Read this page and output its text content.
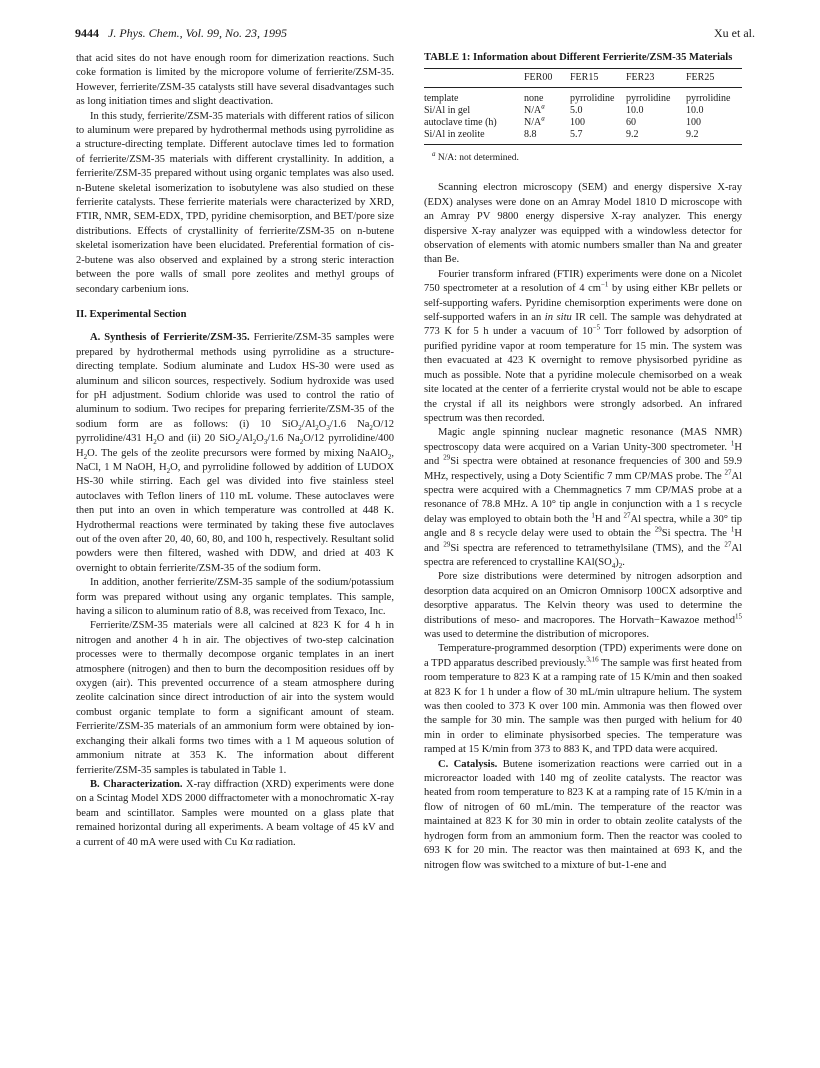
9444 J. Phys. Chem., Vol. 99, No. 23, 1995	Xu et al.

that acid sites do not have enough room for dimerization reactions. Such coke formation is limited by the micropore volume of ferrierite/ZSM-35. However, ferrierite/ZSM-35 catalysts still have several disadvantages such as long initiation times and slight deactivation.

In this study, ferrierite/ZSM-35 materials with different ratios of silicon to aluminum were prepared by hydrothermal methods using pyrrolidine as a structure-directing template. Different autoclave times led to formation of ferrierite/ZSM-35 materials with different crystallinity. In addition, a ferrierite/ZSM-35 prepared without using organic templates was also used. n-Butene skeletal isomerization to isobutylene was also studied on these ferrierite catalysts. These ferrierite materials were characterized by XRD, FTIR, NMR, SEM-EDX, TPD, pyridine chemisorption, and BET/pore size distributions. Effects of crystallinity of ferrierite/ZSM-35 on n-butene skeletal isomerization have been elucidated. Preferential formation of cis-2-butene was also observed and explained by a strong steric interaction between the pore walls of small pore zeolites and methyl groups of secondary carbenium ions.

II. Experimental Section

A. Synthesis of Ferrierite/ZSM-35. Ferrierite/ZSM-35 samples were prepared by hydrothermal methods using pyrrolidine as a structure-directing template. Sodium aluminate and Ludox HS-30 were used as aluminum and silicon sources, respectively. Sodium hydroxide was used for pH adjustment. Sodium chloride was used to control the ratio of aluminum to sodium. Two recipes for preparing ferrierite/ZSM-35 of the sodium form are as follows: (i) 10 $SiO_2/Al_2O_3/1.6$ $Na_2O/12$ pyrrolidine/431 $H_2O$ and (ii) 20 $SiO_2/Al_2O_3/1.6$ $Na_2O/12$ pyrrolidine/400 $H_2O$. The gels of the zeolite precursors were formed by mixing NaAlO$_2$, NaCl, 1 M NaOH, $H_2O$, and pyrrolidine followed by addition of LUDOX HS-30 while stirring. Each gel was divided into five stainless steel autoclaves with Teflon liners of 110 mL volume. These autoclaves were then put into an oven in which temperature was controlled at 448 K. Hydrothermal reactions were terminated by taking these five autoclaves out of the oven after 20, 40, 60, 80, and 100 h, respectively. Resultant solid powders were then filtered, washed with DDW, and dried at 403 K overnight to obtain ferrierite/ZSM-35 of the sodium form.

In addition, another ferrierite/ZSM-35 sample of the sodium/potassium form was prepared without using any organic templates. This sample, having a silicon to aluminum ratio of 8.8, was received from Texaco, Inc.

Ferrierite/ZSM-35 materials were all calcined at 823 K for 4 h in nitrogen and another 4 h in air. The objectives of two-step calcination processes were to thermally decompose organic templates in an inert atmosphere (nitrogen) and then to burn the decomposition residues off by oxygen (air). This prevented occurrence of a steam atmosphere during zeolite calcination since direct introduction of air into the system would combust organic template to form a significant amount of steam. Ferrierite/ZSM-35 materials of an ammonium form were obtained by ion-exchanging their alkali forms two times with a 1 M aqueous solution of ammonium nitrate at 353 K. The information about different ferrierite/ZSM-35 samples is tabulated in Table 1.

B. Characterization. X-ray diffraction (XRD) experiments were done on a Scintag Model XDS 2000 diffractometer with a monochromatic X-ray beam and scintillator. Samples were mounted on a glass plate that remained horizontal during all experiments. A beam voltage of 45 kV and a current of 40 mA were used with Cu Kα radiation.

TABLE 1: Information about Different Ferrierite/ZSM-35 Materials

	FER00	FER15	FER23	FER25
template	none	pyrrolidine	pyrrolidine	pyrrolidine
Si/Al in gel	$N/A^a$	5.0	10.0	10.0
autoclave time (h)	$N/A^a$	100	60	100
Si/Al in zeolite	8.8	5.7	9.2	9.2

$^a$ N/A: not determined.

Scanning electron microscopy (SEM) and energy dispersive X-ray (EDX) analyses were done on an Amray Model 1810 D microscope with an Amray PV 9800 energy dispersive X-ray analyzer. This energy dispersive X-ray analyzer was equipped with a windowless detector for observation of elements with atomic numbers smaller than Na and greater than Be.

Fourier transform infrared (FTIR) experiments were done on a Nicolet 750 spectrometer at a resolution of 4 $cm^{-1}$ by using either KBr pellets or self-supporting wafers. Pyridine chemisorption experiments were done on self-supported wafers in an in situ IR cell. The sample was dehydrated at 773 K for 5 h under a vacuum of $10^{-5}$ Torr followed by adsorption of purified pyridine vapor at room temperature for 15 min. The system was then evacuated at 423 K overnight to remove physisorbed pyridine as much as possible. Note that a pyridine molecule chemisorbed on a weak site located at the center of a ferrierite crystal would not be able to escape the crystal if all its neighbors were strongly adsorbed. An infrared spectrum was then recorded.

Magic angle spinning nuclear magnetic resonance (MAS NMR) spectroscopy data were acquired on a Varian Unity-300 spectrometer. $^1$H and $^{29}$Si spectra were obtained at resonance frequencies of 300 and 59.9 MHz, respectively, using a Doty Scientific 7 mm CP/MAS probe. The $^{27}$Al spectra were acquired with a Chemmagnetics 7 mm CP/MAS probe at a resonance of 78.8 MHz. A 10° tip angle in conjunction with a 1 s recycle delay was employed to obtain both the $^1$H and $^{27}$Al spectra, while a 30° tip angle and 8 s recycle delay were used to obtain the $^{29}$Si spectra. The $^1$H and $^{29}$Si spectra are referenced to tetramethylsilane (TMS), and the $^{27}$Al spectra are referenced to crystalline $KAl(SO_4)_2$.

Pore size distributions were determined by nitrogen adsorption and desorption data acquired on an Omicron Omnisorp 100CX adsorptive and desorptive apparatus. The Kelvin theory was used to determine the distributions of meso- and macropores. The Horvath−Kawazoe method$^{15}$ was used to determine the distribution of micropores.

Temperature-programmed desorption (TPD) experiments were done on a TPD apparatus described previously.$^{3,16}$ The sample was first heated from room temperature to 823 K at a ramping rate of 15 K/min and then soaked at 823 K for 1 h under a flow of 30 mL/min ultrapure helium. The system was then cooled to 373 K over 100 min. Ammonia was then flowed over the sample for 30 min. The sample was then purged with helium for 40 min in order to eliminate physisorbed species. The temperature was ramped at 15 K/min from 373 to 883 K, and TPD data were acquired.

C. Catalysis. Butene isomerization reactions were carried out in a microreactor loaded with 140 mg of zeolite catalysts. The reactor was heated from room temperature to 823 K at a ramping rate of 15 K/min in a flow of nitrogen of 60 mL/min. The temperature of the reactor was maintained at 823 K for 30 min in order to obtain zeolite catalysts of the hydrogen form from an ammonium form. Then the reactor was cooled to 693 K for 20 min. The reactor was then maintained at 693 K, and the nitrogen flow was switched to a mixture of but-1-ene and
